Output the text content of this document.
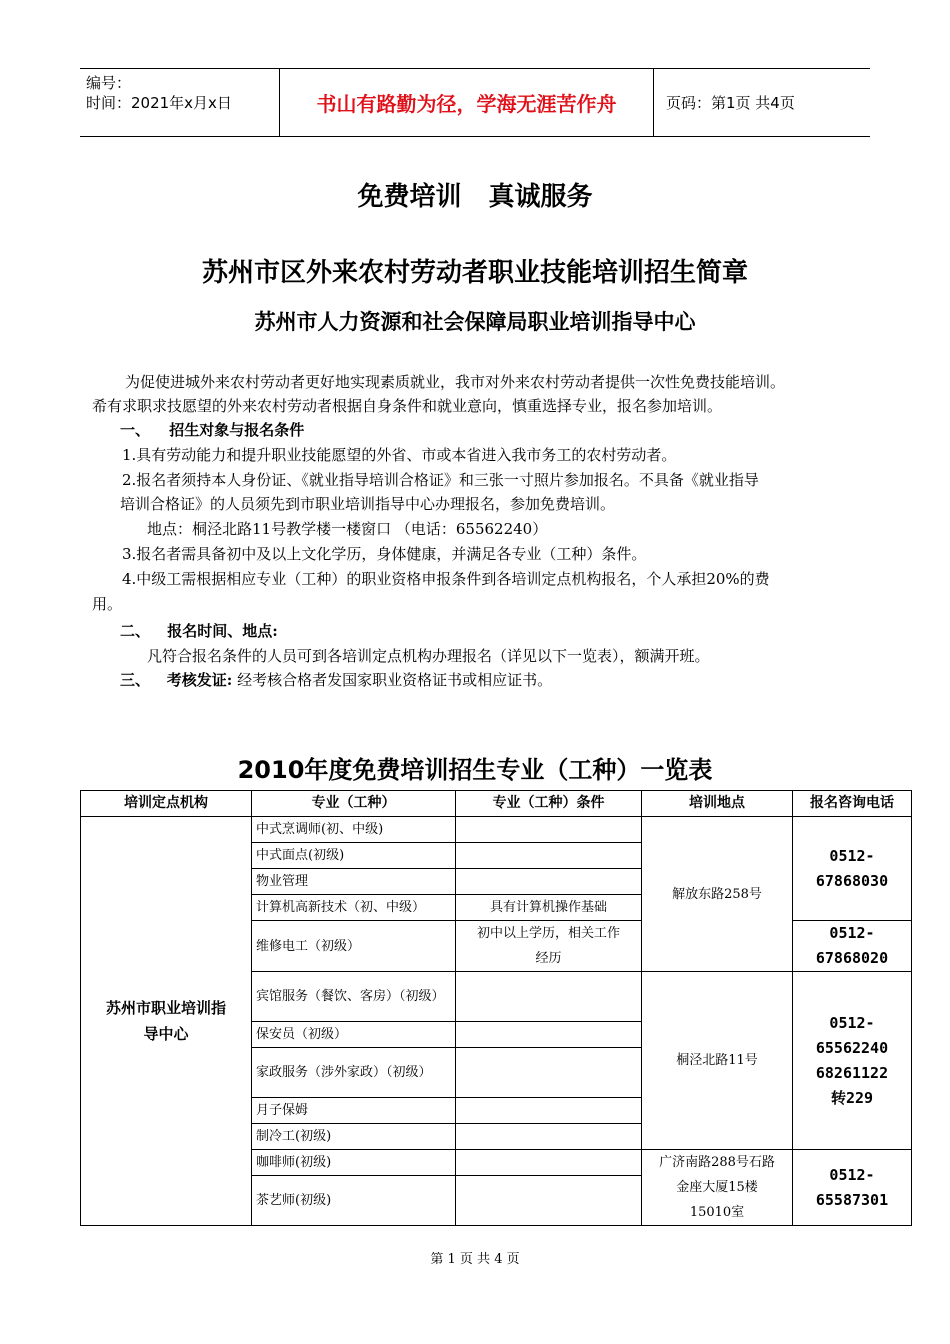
编号：
时间：2021年x月x日	书山有路勤为径，学海无涯苦作舟	页码：第1页 共4页
免费培训 真诚服务
苏州市区外来农村劳动者职业技能培训招生简章
苏州市人力资源和社会保障局职业培训指导中心
为促使进城外来农村劳动者更好地实现素质就业，我市对外来农村劳动者提供一次性免费技能培训。
希有求职求技愿望的外来农村劳动者根据自身条件和就业意向，慎重选择专业，报名参加培训。
一、 招生对象与报名条件
1.具有劳动能力和提升职业技能愿望的外省、市或本省进入我市务工的农村劳动者。
2.报名者须持本人身份证、《就业指导培训合格证》和三张一寸照片参加报名。不具备《就业指导
培训合格证》的人员须先到市职业培训指导中心办理报名，参加免费培训。
地点：桐泾北路11号教学楼一楼窗口 （电话：65562240）
3.报名者需具备初中及以上文化学历，身体健康，并满足各专业（工种）条件。
4.中级工需根据相应专业（工种）的职业资格申报条件到各培训定点机构报名，个人承担20%的费
用。
二、 报名时间、地点:
凡符合报名条件的人员可到各培训定点机构办理报名（详见以下一览表），额满开班。
三、 考核发证: 经考核合格者发国家职业资格证书或相应证书。
2010年度免费培训招生专业（工种）一览表
培训定点机构	专业（工种）	专业（工种）条件	培训地点	报名咨询电话

苏州市职业培训指导中心	中式烹调师(初、中级)		解放东路258号	0512-67868030
	中式面点(初级)			
	物业管理			
	计算机高新技术（初、中级）	具有计算机操作基础		
	维修电工（初级）	初中以上学历，相关工作经历		0512-67868020
	宾馆服务（餐饮、客房）（初级）		桐泾北路11号	0512-65562240
68261122
转229

	保安员（初级）			
	家政服务（涉外家政）（初级）			
	月子保姆			
	制冷工(初级)			
	咖啡师(初级)		广济南路288号石路金座大厦15楼15010室	0512-65587301
	茶艺师(初级)			
第 1 页 共 4 页
